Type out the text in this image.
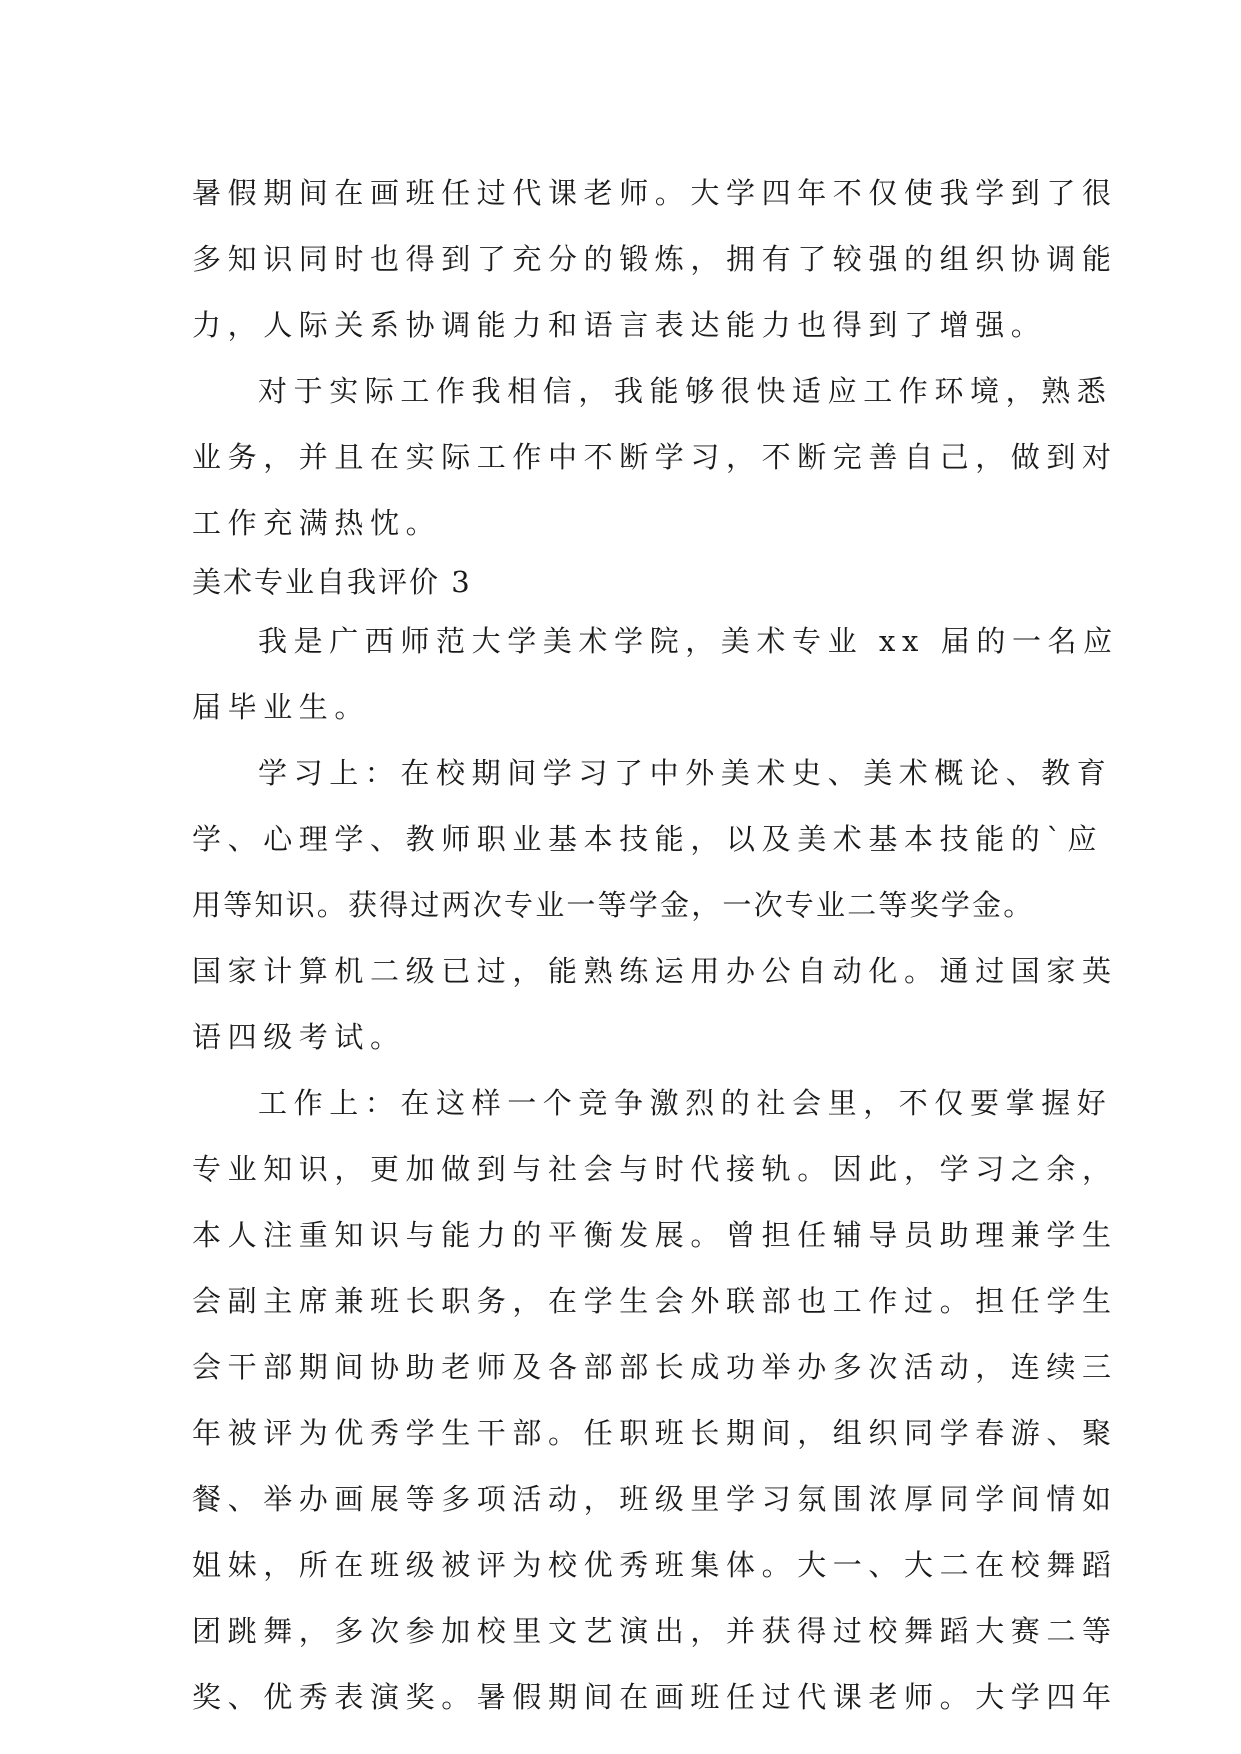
暑假期间在画班任过代课老师。大学四年不仅使我学到了很
多知识同时也得到了充分的锻炼，拥有了较强的组织协调能
力，人际关系协调能力和语言表达能力也得到了增强。
对于实际工作我相信，我能够很快适应工作环境，熟悉
业务，并且在实际工作中不断学习，不断完善自己，做到对
工作充满热忱。
美术专业自我评价 3
我是广西师范大学美术学院，美术专业 xx 届的一名应
届毕业生。
学习上：在校期间学习了中外美术史、美术概论、教育
学、心理学、教师职业基本技能，以及美术基本技能的`应
用等知识。获得过两次专业一等学金，一次专业二等奖学金。
国家计算机二级已过，能熟练运用办公自动化。通过国家英
语四级考试。
工作上：在这样一个竞争激烈的社会里，不仅要掌握好
专业知识，更加做到与社会与时代接轨。因此，学习之余，
本人注重知识与能力的平衡发展。曾担任辅导员助理兼学生
会副主席兼班长职务，在学生会外联部也工作过。担任学生
会干部期间协助老师及各部部长成功举办多次活动，连续三
年被评为优秀学生干部。任职班长期间，组织同学春游、聚
餐、举办画展等多项活动，班级里学习氛围浓厚同学间情如
姐妹，所在班级被评为校优秀班集体。大一、大二在校舞蹈
团跳舞，多次参加校里文艺演出，并获得过校舞蹈大赛二等
奖、优秀表演奖。暑假期间在画班任过代课老师。大学四年
